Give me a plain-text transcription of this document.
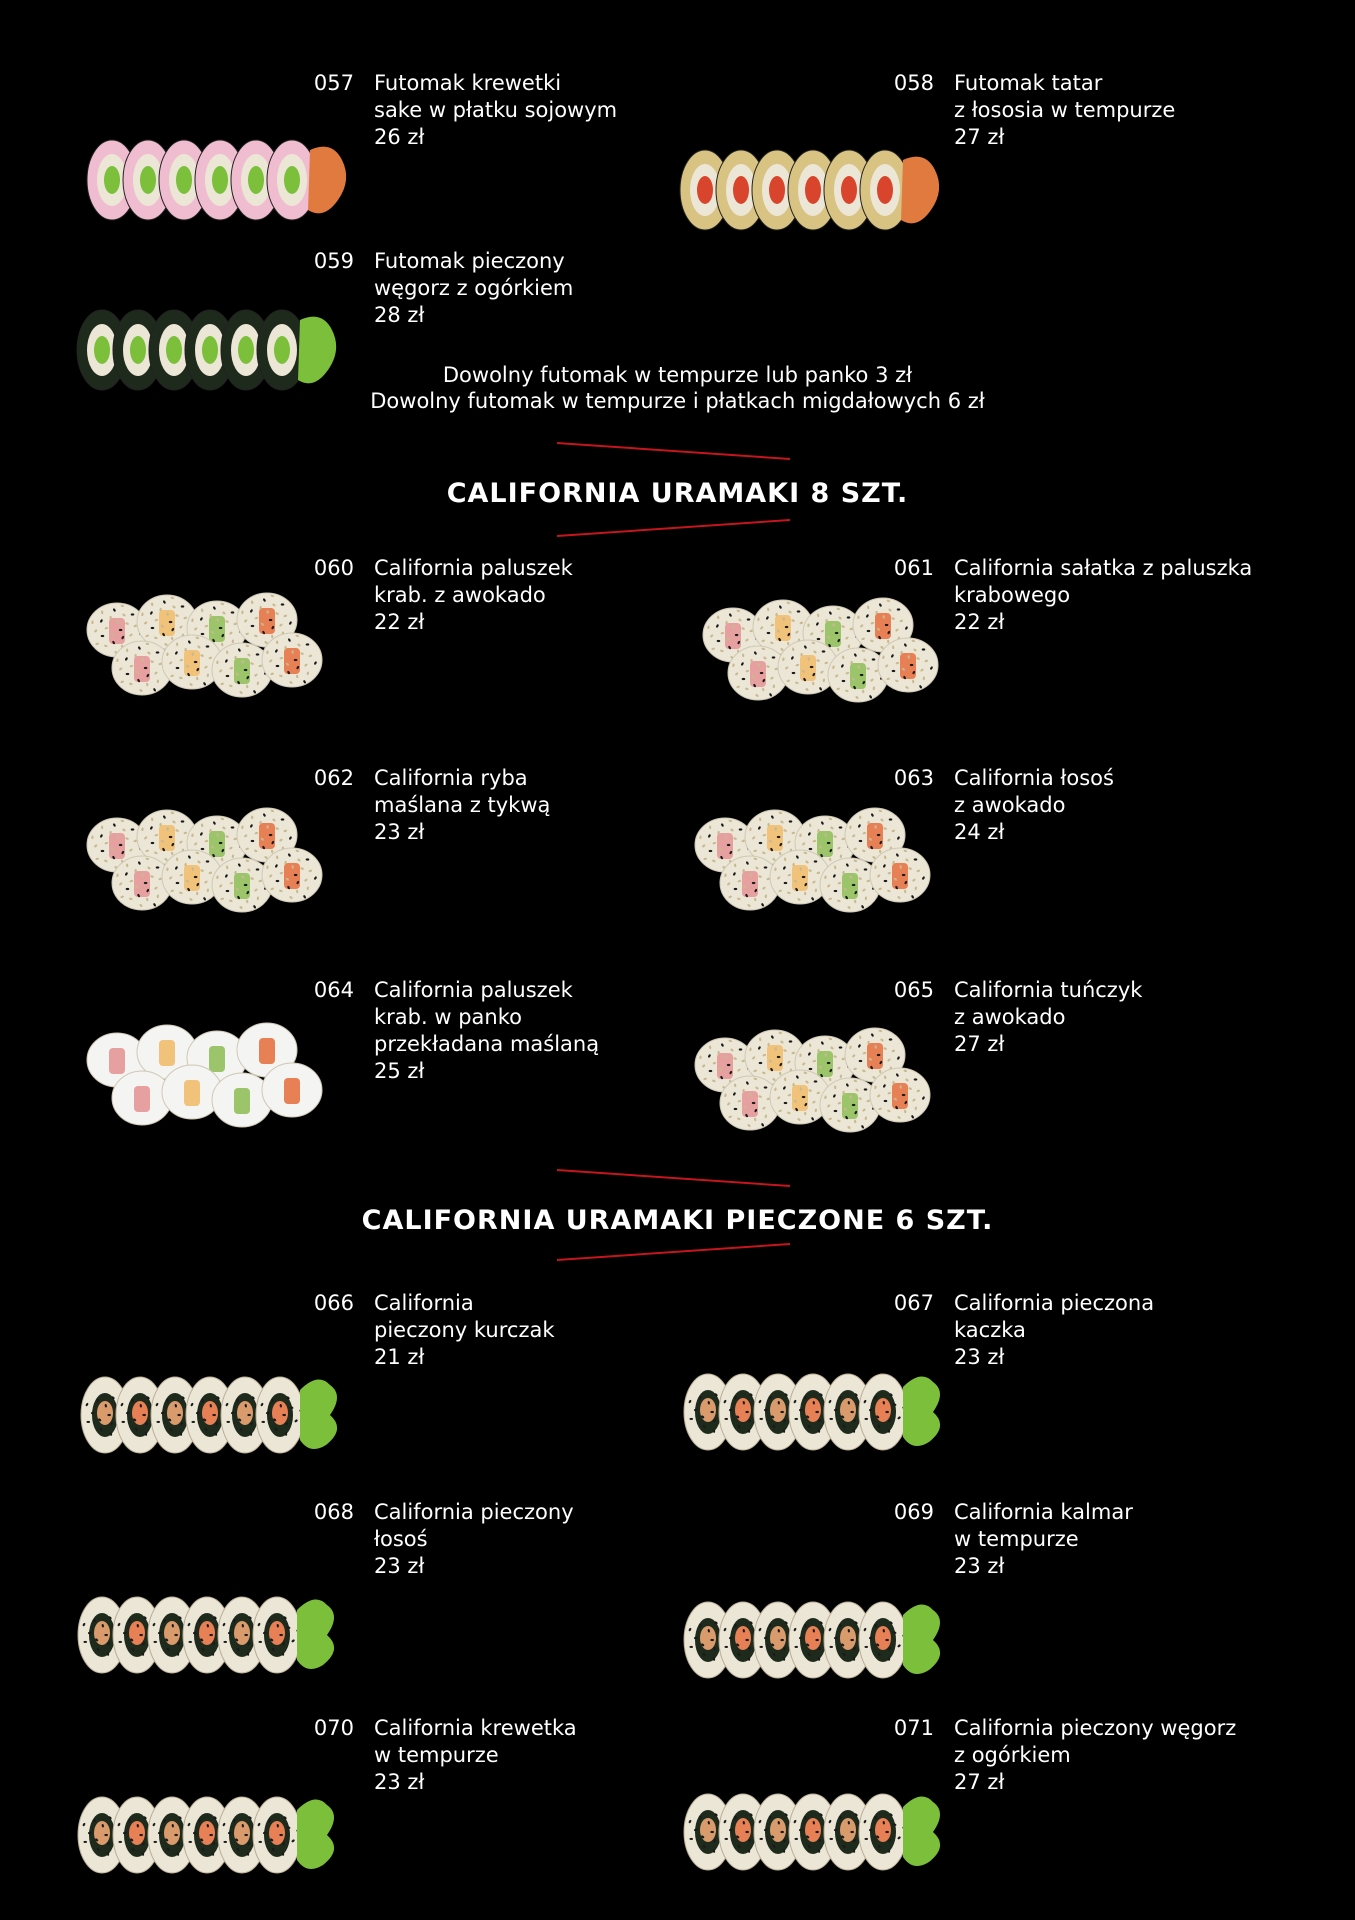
057 Futomak krewetki
sake w płatku sojowym
26 zł
058 Futomak tatar
z łososia w tempurze
27 zł
059 Futomak pieczony
węgorz z ogórkiem
28 zł
Dowolny futomak w tempurze lub panko 3 zł
Dowolny futomak w tempurze i płatkach migdałowych 6 zł
CALIFORNIA URAMAKI 8 SZT.
060 California paluszek
krab. z awokado
22 zł
061 California sałatka z paluszka
krabowego
22 zł
062 California ryba
maślana z tykwą
23 zł
063 California łosoś
z awokado
24 zł
064 California paluszek
krab. w panko
przekładana maślaną
25 zł
065 California tuńczyk
z awokado
27 zł
CALIFORNIA URAMAKI PIECZONE 6 SZT.
066 California
pieczony kurczak
21 zł
067 California pieczona
kaczka
23 zł
068 California pieczony
łosoś
23 zł
069 California kalmar
w tempurze
23 zł
070 California krewetka
w tempurze
23 zł
071 California pieczony węgorz
z ogórkiem
27 zł
